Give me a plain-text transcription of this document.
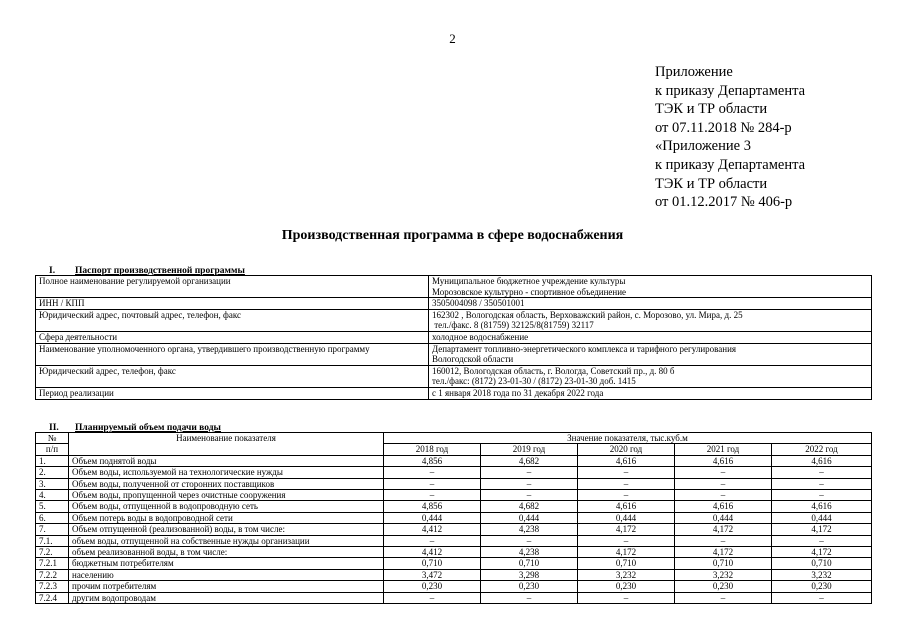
2
Приложение
к приказу Департамента
ТЭК и ТР области
от 07.11.2018 № 284-р
«Приложение 3
к приказу Департамента
ТЭК и ТР области
от 01.12.2017 № 406-р
Производственная программа в сфере водоснабжения
I. Паспорт производственной программы
Полное наименование регулируемой организации	Муниципальное бюджетное учреждение культуры
Морозовское культурно - спортивное объединение

ИНН / КПП	3505004098 / 350501001

Юридический адрес, почтовый адрес, телефон, факс	162302 , Вологодская область, Верховажский район, с. Морозово, ул. Мира, д. 25
тел./факс. 8 (81759) 32125/8(81759) 32117

Сфера деятельности	холодное водоснабжение

Наименование уполномоченного органа, утвердившего производственную программу	Департамент топливно-энергетического комплекса и тарифного регулирования
Вологодской области

Юридический адрес, телефон, факс	160012, Вологодская область, г. Вологда, Советский пр., д. 80 б
тел./факс: (8172) 23-01-30 / (8172) 23-01-30 доб. 1415

Период реализации	с 1 января 2018 года по 31 декабря 2022 года
II. Планируемый объем подачи воды
№	Наименование показателя	Значение показателя, тыс.куб.м				
п/п		2018 год	2019 год	2020 год	2021 год	2022 год
1.	Объем поднятой воды	4,856	4,682	4,616	4,616	4,616
2.	Объем воды, используемой на технологические нужды	–	–	–	–	–
3.	Объем воды, полученной от сторонних поставщиков	–	–	–	–	–
4.	Объем воды, пропущенной через очистные сооружения	–	–	–	–	–
5.	Объем воды, отпущенной в водопроводную сеть	4,856	4,682	4,616	4,616	4,616
6.	Объем потерь воды в водопроводной сети	0,444	0,444	0,444	0,444	0,444
7.	Объем отпущенной (реализованной) воды, в том числе:	4,412	4,238	4,172	4,172	4,172
7.1.	объем воды, отпущенной на собственные нужды организации	–	–	–	–	–
7.2.	объем реализованной воды, в том числе:	4,412	4,238	4,172	4,172	4,172
7.2.1	бюджетным потребителям	0,710	0,710	0,710	0,710	0,710
7.2.2	населению	3,472	3,298	3,232	3,232	3,232
7.2.3	прочим потребителям	0,230	0,230	0,230	0,230	0,230
7.2.4	другим водопроводам	–	–	–	–	–
